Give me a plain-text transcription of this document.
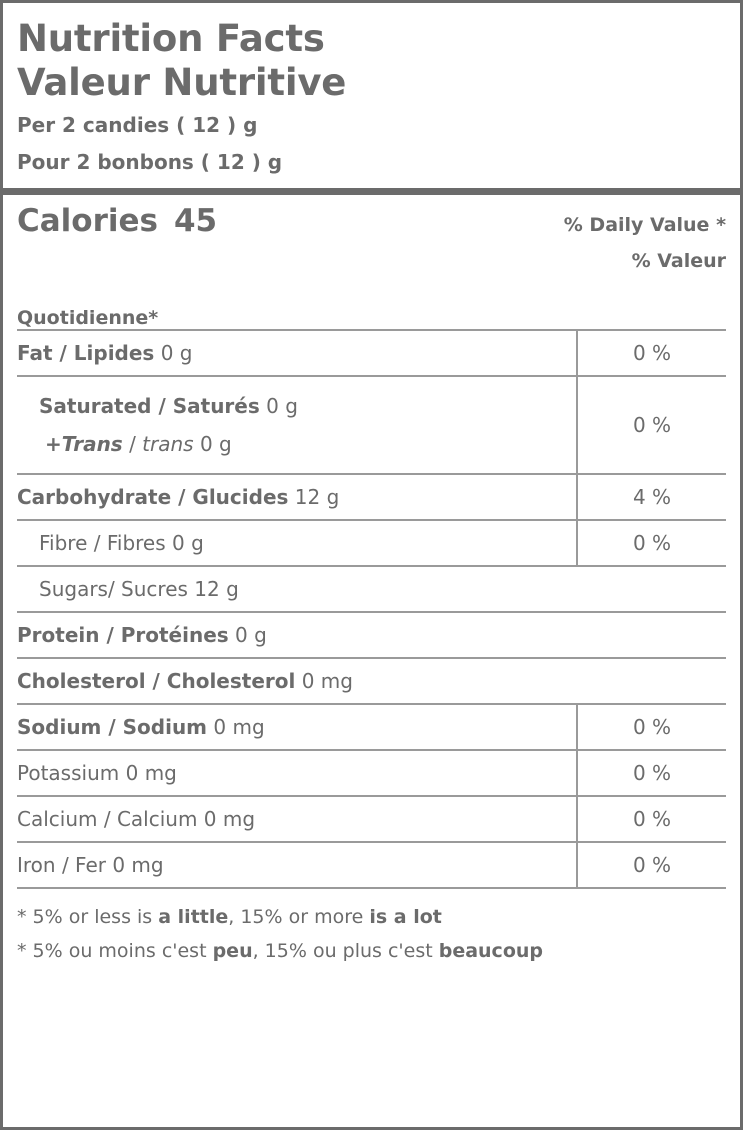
Nutrition Facts
Valeur Nutritive
Per 2 candies ( 12 ) g
Pour 2 bonbons ( 12 ) g
Calories 45	% Daily Value *
% Valeur
Quotidienne*
Fat / Lipides 0 g	0 %

Saturated / Saturés 0 g
+Trans / trans 0 g	0 %
Carbohydrate / Glucides 12 g	4 %
Fibre / Fibres 0 g	0 %
Sugars/ Sucres 12 g	
Protein / Protéines 0 g	
Cholesterol / Cholesterol 0 mg	
Sodium / Sodium 0 mg	0 %
Potassium 0 mg	0 %
Calcium / Calcium 0 mg	0 %
Iron / Fer 0 mg	0 %
* 5% or less is a little, 15% or more is a lot
* 5% ou moins c'est peu, 15% ou plus c'est beaucoup
